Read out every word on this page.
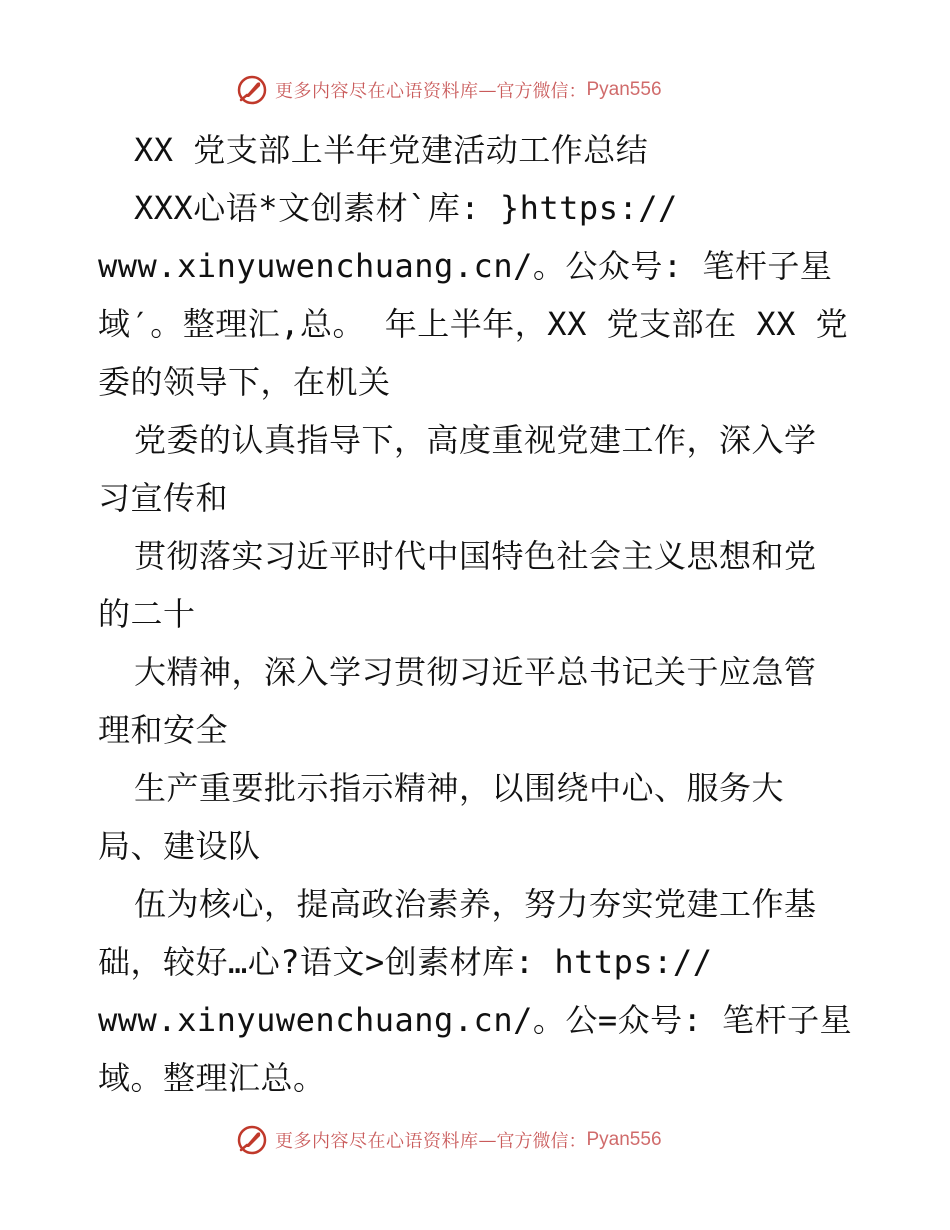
更多内容尽在心语资料库 — 官方微信： Pyan556
XX 党支部上半年党建活动工作总结
XXX心语*文创素材`库: }https://
www.xinyuwenchuang.cn/。公众号: 笔杆子星
域′。整理汇,总。 年上半年，XX 党支部在 XX 党
委的领导下，在机关
党委的认真指导下，高度重视党建工作，深入学
习宣传和
贯彻落实习近平时代中国特色社会主义思想和党
的二十
大精神，深入学习贯彻习近平总书记关于应急管
理和安全
生产重要批示指示精神，以围绕中心、服务大
局、建设队
伍为核心，提高政治素养，努力夯实党建工作基
础，较好…心?语文>创素材库: https://
www.xinyuwenchuang.cn/。公=众号: 笔杆子星
域。整理汇总。
更多内容尽在心语资料库 — 官方微信： Pyan556
